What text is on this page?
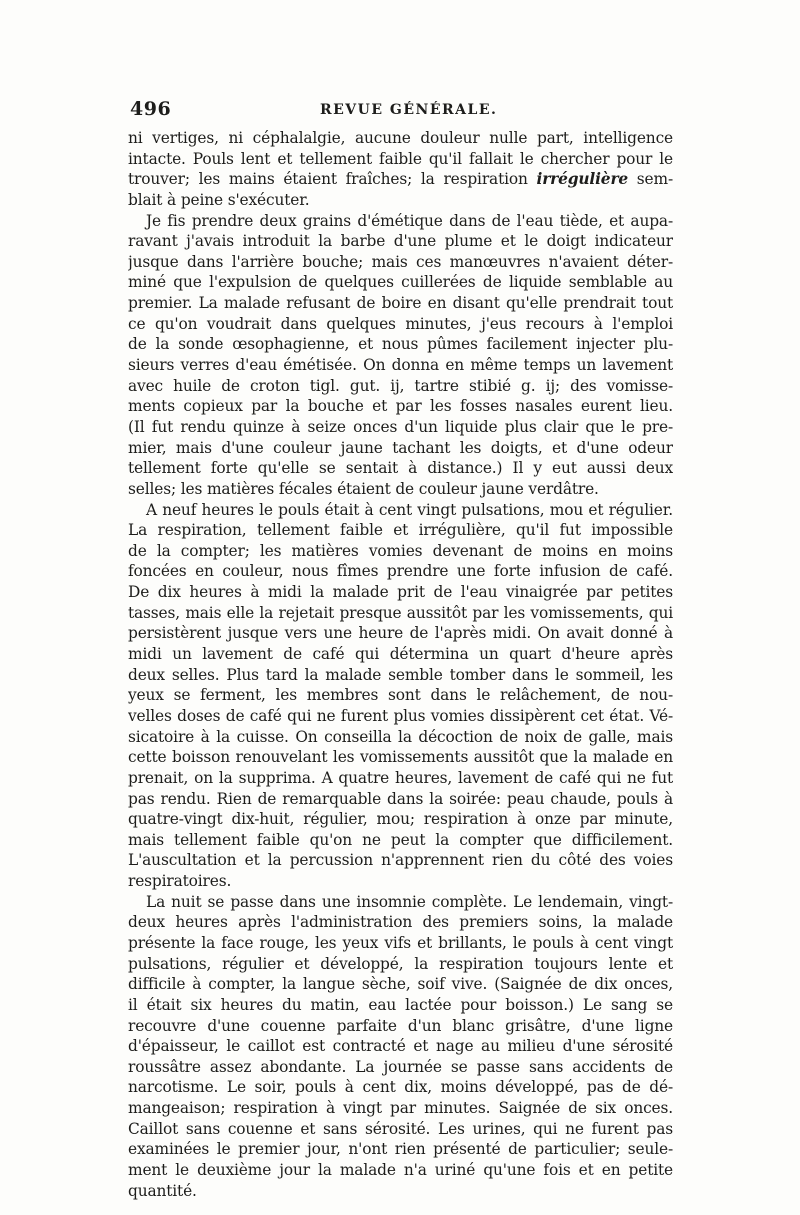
496	REVUE GÉNÉRALE.
ni vertiges, ni céphalalgie, aucune douleur nulle part, intelligence
intacte. Pouls lent et tellement faible qu'il fallait le chercher pour le
trouver; les mains étaient fraîches; la respiration irrégulière sem-
blait à peine s'exécuter.
Je fis prendre deux grains d'émétique dans de l'eau tiède, et aupa-
ravant j'avais introduit la barbe d'une plume et le doigt indicateur
jusque dans l'arrière bouche; mais ces manœuvres n'avaient déter-
miné que l'expulsion de quelques cuillerées de liquide semblable au
premier. La malade refusant de boire en disant qu'elle prendrait tout
ce qu'on voudrait dans quelques minutes, j'eus recours à l'emploi
de la sonde œsophagienne, et nous pûmes facilement injecter plu-
sieurs verres d'eau émétisée. On donna en même temps un lavement
avec huile de croton tigl. gut. ij, tartre stibié g. ij; des vomisse-
ments copieux par la bouche et par les fosses nasales eurent lieu.
(Il fut rendu quinze à seize onces d'un liquide plus clair que le pre-
mier, mais d'une couleur jaune tachant les doigts, et d'une odeur
tellement forte qu'elle se sentait à distance.) Il y eut aussi deux
selles; les matières fécales étaient de couleur jaune verdâtre.
A neuf heures le pouls était à cent vingt pulsations, mou et régulier.
La respiration, tellement faible et irrégulière, qu'il fut impossible
de la compter; les matières vomies devenant de moins en moins
foncées en couleur, nous fîmes prendre une forte infusion de café.
De dix heures à midi la malade prit de l'eau vinaigrée par petites
tasses, mais elle la rejetait presque aussitôt par les vomissements, qui
persistèrent jusque vers une heure de l'après midi. On avait donné à
midi un lavement de café qui détermina un quart d'heure après
deux selles. Plus tard la malade semble tomber dans le sommeil, les
yeux se ferment, les membres sont dans le relâchement, de nou-
velles doses de café qui ne furent plus vomies dissipèrent cet état. Vé-
sicatoire à la cuisse. On conseilla la décoction de noix de galle, mais
cette boisson renouvelant les vomissements aussitôt que la malade en
prenait, on la supprima. A quatre heures, lavement de café qui ne fut
pas rendu. Rien de remarquable dans la soirée: peau chaude, pouls à
quatre-vingt dix-huit, régulier, mou; respiration à onze par minute,
mais tellement faible qu'on ne peut la compter que difficilement.
L'auscultation et la percussion n'apprennent rien du côté des voies
respiratoires.
La nuit se passe dans une insomnie complète. Le lendemain, vingt-
deux heures après l'administration des premiers soins, la malade
présente la face rouge, les yeux vifs et brillants, le pouls à cent vingt
pulsations, régulier et développé, la respiration toujours lente et
difficile à compter, la langue sèche, soif vive. (Saignée de dix onces,
il était six heures du matin, eau lactée pour boisson.) Le sang se
recouvre d'une couenne parfaite d'un blanc grisâtre, d'une ligne
d'épaisseur, le caillot est contracté et nage au milieu d'une sérosité
roussâtre assez abondante. La journée se passe sans accidents de
narcotisme. Le soir, pouls à cent dix, moins développé, pas de dé-
mangeaison; respiration à vingt par minutes. Saignée de six onces.
Caillot sans couenne et sans sérosité. Les urines, qui ne furent pas
examinées le premier jour, n'ont rien présenté de particulier; seule-
ment le deuxième jour la malade n'a uriné qu'une fois et en petite
quantité.
